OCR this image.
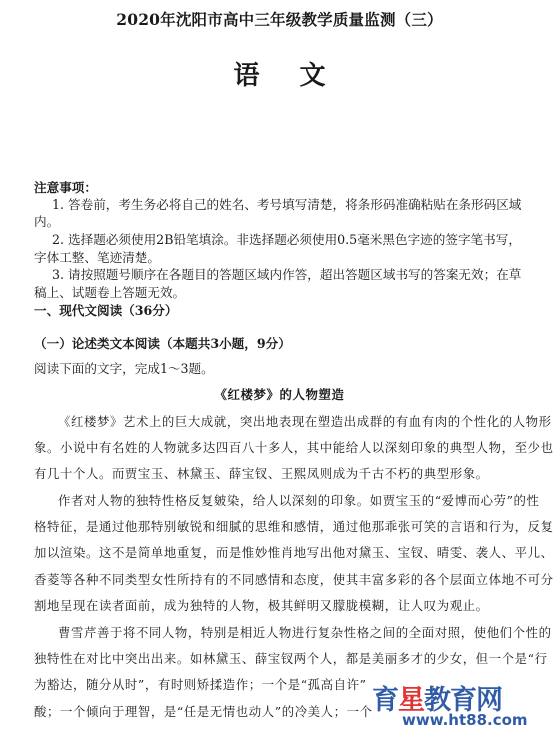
2020年沈阳市高中三年级教学质量监测（三）
语文
注意事项：
1. 答卷前，考生务必将自己的姓名、考号填写清楚，将条形码准确粘贴在条形码区域
内。
2. 选择题必须使用2B铅笔填涂。非选择题必须使用0.5毫米黑色字迹的签字笔书写，
字体工整、笔迹清楚。
3. 请按照题号顺序在各题目的答题区域内作答，超出答题区域书写的答案无效；在草
稿上、试题卷上答题无效。
一、现代文阅读（36分）
（一）论述类文本阅读（本题共3小题，9分）
阅读下面的文字，完成1～3题。
《红楼梦》的人物塑造
《红楼梦》艺术上的巨大成就，突出地表现在塑造出成群的有血有肉的个性化的人物形
象。小说中有名姓的人物就多达四百八十多人，其中能给人以深刻印象的典型人物，至少也
有几十个人。而贾宝玉、林黛玉、薛宝钗、王熙凤则成为千古不朽的典型形象。
作者对人物的独特性格反复皴染，给人以深刻的印象。如贾宝玉的“爱博而心劳”的性
格特征，是通过他那特别敏锐和细腻的思维和感情，通过他那乖张可笑的言语和行为，反复
加以渲染。这不是简单地重复，而是惟妙惟肖地写出他对黛玉、宝钗、晴雯、袭人、平儿、
香菱等各种不同类型女性所持有的不同感情和态度，使其丰富多彩的各个层面立体地不可分
割地呈现在读者面前，成为独特的人物，极其鲜明又朦胧模糊，让人叹为观止。
曹雪芹善于将不同人物，特别是相近人物进行复杂性格之间的全面对照，使他们个性的
独特性在对比中突出出来。如林黛玉、薛宝钗两个人，都是美丽多才的少女，但一个是“行
为豁达，随分从时”，有时则矫揉造作；一个是“孤高自许”
酸；一个倾向于理智，是“任是无情也动人”的冷美人；一个 育星教育网
www.ht88.com
